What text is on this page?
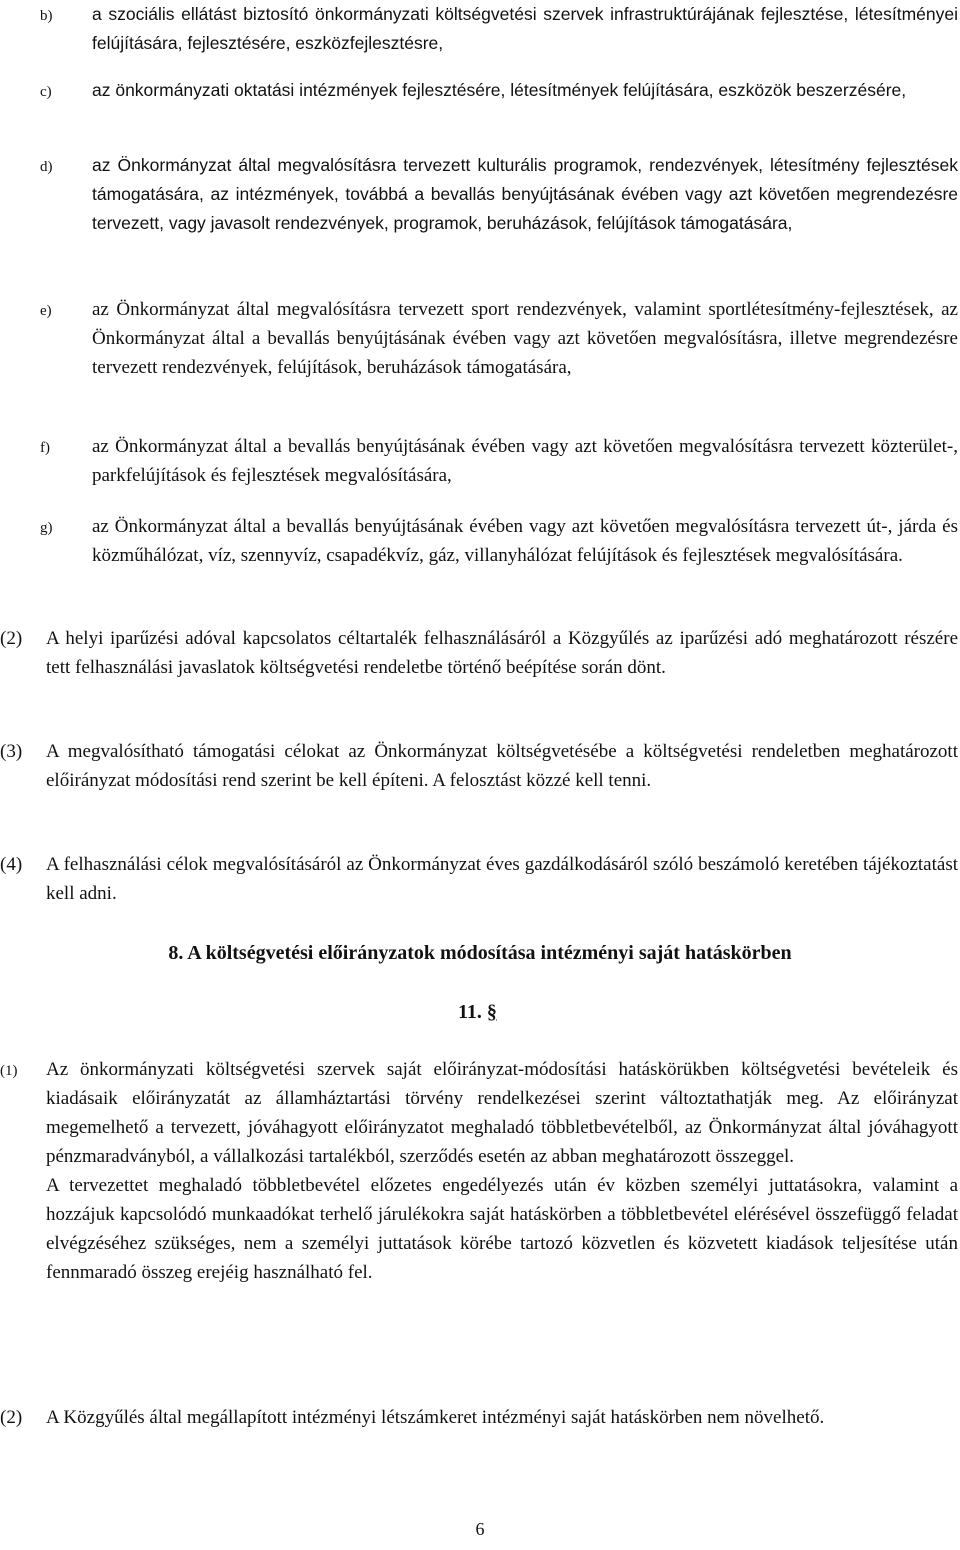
b) a szociális ellátást biztosító önkormányzati költségvetési szervek infrastruktúrájának fejlesztése, létesítményei felújítására, fejlesztésére, eszközfejlesztésre,
c) az önkormányzati oktatási intézmények fejlesztésére, létesítmények felújítására, eszközök beszerzésére,
d) az Önkormányzat által megvalósításra tervezett kulturális programok, rendezvények, létesítmény fejlesztések támogatására, az intézmények, továbbá a bevallás benyújtásának évében vagy azt követően megrendezésre tervezett, vagy javasolt rendezvények, programok, beruházások, felújítások támogatására,
e) az Önkormányzat által megvalósításra tervezett sport rendezvények, valamint sportlétesítmény-fejlesztések, az Önkormányzat által a bevallás benyújtásának évében vagy azt követően megvalósításra, illetve megrendezésre tervezett rendezvények, felújítások, beruházások támogatására,
f) az Önkormányzat által a bevallás benyújtásának évében vagy azt követően megvalósításra tervezett közterület-, parkfelújítások és fejlesztések megvalósítására,
g) az Önkormányzat által a bevallás benyújtásának évében vagy azt követően megvalósításra tervezett út-, járda és közműhálózat, víz, szennyvíz, csapadékvíz, gáz, villanyhálózat felújítások és fejlesztések megvalósítására.
(2) A helyi iparűzési adóval kapcsolatos céltartalék felhasználásáról a Közgyűlés az iparűzési adó meghatározott részére tett felhasználási javaslatok költségvetési rendeletbe történő beépítése során dönt.
(3) A megvalósítható támogatási célokat az Önkormányzat költségvetésébe a költségvetési rendeletben meghatározott előirányzat módosítási rend szerint be kell építeni. A felosztást közzé kell tenni.
(4) A felhasználási célok megvalósításáról az Önkormányzat éves gazdálkodásáról szóló beszámoló keretében tájékoztatást kell adni.
8. A költségvetési előirányzatok módosítása intézményi saját hatáskörben
11. §
(1) Az önkormányzati költségvetési szervek saját előirányzat-módosítási hatáskörükben költségvetési bevételeik és kiadásaik előirányzatát az államháztartási törvény rendelkezései szerint változtathatják meg. Az előirányzat megemelhető a tervezett, jóváhagyott előirányzatot meghaladó többletbevételből, az Önkormányzat által jóváhagyott pénzmaradványból, a vállalkozási tartalékból, szerződés esetén az abban meghatározott összeggel.

A tervezettet meghaladó többletbevétel előzetes engedélyezés után év közben személyi juttatásokra, valamint a hozzájuk kapcsolódó munkaadókat terhelő járulékokra saját hatáskörben a többletbevétel elérésével összefüggő feladat elvégzéséhez szükséges, nem a személyi juttatások körébe tartozó közvetlen és közvetett kiadások teljesítése után fennmaradó összeg erejéig használható fel.

(2) A Közgyűlés által megállapított intézményi létszámkeret intézményi saját hatáskörben nem növelhető.
6
